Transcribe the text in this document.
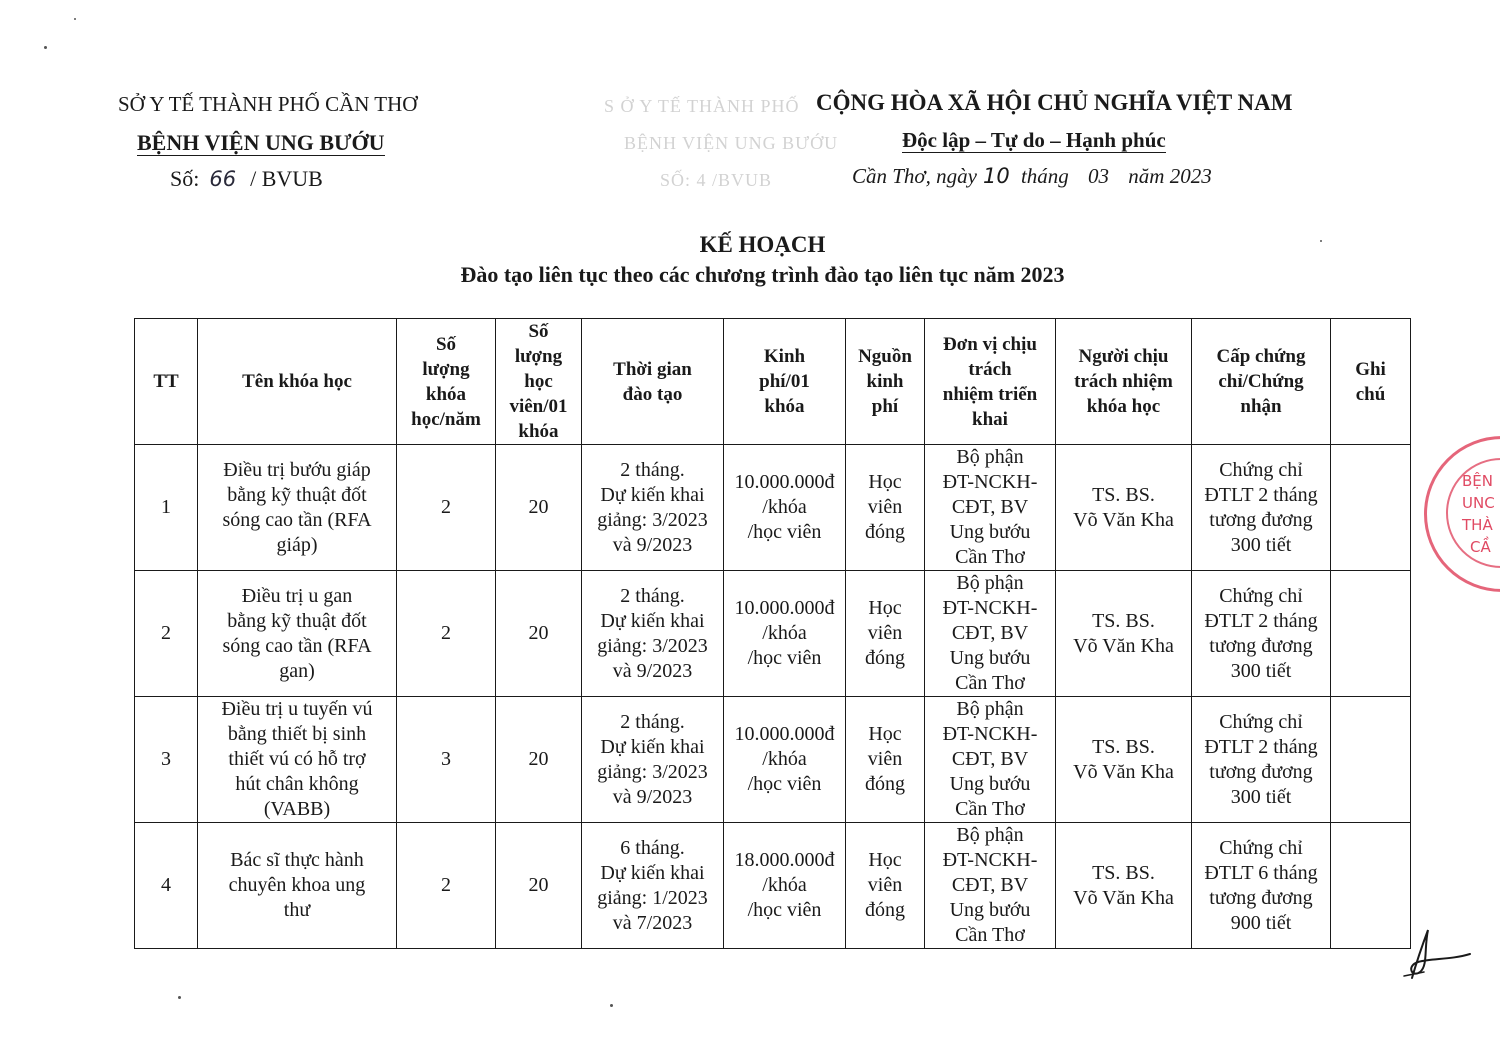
SỞ Y TẾ THÀNH PHỐ CẦN THƠ
BỆNH VIỆN UNG BƯỚU
Số: 66 / BVUB
S Ở Y TẾ THÀNH PHỐ
BỆNH VIỆN UNG BƯỚU
SỐ: 4 /BVUB
CỘNG HÒA XÃ HỘI CHỦ NGHĨA VIỆT NAM
Độc lập – Tự do – Hạnh phúc
Cần Thơ, ngày 10 tháng 03 năm 2023
KẾ HOẠCH
Đào tạo liên tục theo các chương trình đào tạo liên tục năm 2023
TT	Tên khóa học	Số
lượng
khóa
học/năm	Số
lượng
học
viên/01
khóa	Thời gian
đào tạo	Kinh
phí/01
khóa	Nguồn
kinh
phí	Đơn vị chịu
trách
nhiệm triển
khai	Người chịu
trách nhiệm
khóa học	Cấp chứng
chỉ/Chứng
nhận	Ghi
chú
1	Điều trị bướu giáp
bằng kỹ thuật đốt
sóng cao tần (RFA
giáp)	2	20	2 tháng.
Dự kiến khai
giảng: 3/2023
và 9/2023	10.000.000đ
/khóa
/học viên	Học
viên
đóng	Bộ phận
ĐT-NCKH-
CĐT, BV
Ung bướu
Cần Thơ	TS. BS.
Võ Văn Kha	Chứng chỉ
ĐTLT 2 tháng
tương đương
300 tiết	
2	Điều trị u gan
bằng kỹ thuật đốt
sóng cao tần (RFA
gan)	2	20	2 tháng.
Dự kiến khai
giảng: 3/2023
và 9/2023	10.000.000đ
/khóa
/học viên	Học
viên
đóng	Bộ phận
ĐT-NCKH-
CĐT, BV
Ung bướu
Cần Thơ	TS. BS.
Võ Văn Kha	Chứng chỉ
ĐTLT 2 tháng
tương đương
300 tiết	
3	Điều trị u tuyến vú
bằng thiết bị sinh
thiết vú có hỗ trợ
hút chân không
(VABB)	3	20	2 tháng.
Dự kiến khai
giảng: 3/2023
và 9/2023	10.000.000đ
/khóa
/học viên	Học
viên
đóng	Bộ phận
ĐT-NCKH-
CĐT, BV
Ung bướu
Cần Thơ	TS. BS.
Võ Văn Kha	Chứng chỉ
ĐTLT 2 tháng
tương đương
300 tiết	
4	Bác sĩ thực hành
chuyên khoa ung
thư	2	20	6 tháng.
Dự kiến khai
giảng: 1/2023
và 7/2023	18.000.000đ
/khóa
/học viên	Học
viên
đóng	Bộ phận
ĐT-NCKH-
CĐT, BV
Ung bướu
Cần Thơ	TS. BS.
Võ Văn Kha	Chứng chỉ
ĐTLT 6 tháng
tương đương
900 tiết	
BỆN
UNC
THÀ
CẦ
